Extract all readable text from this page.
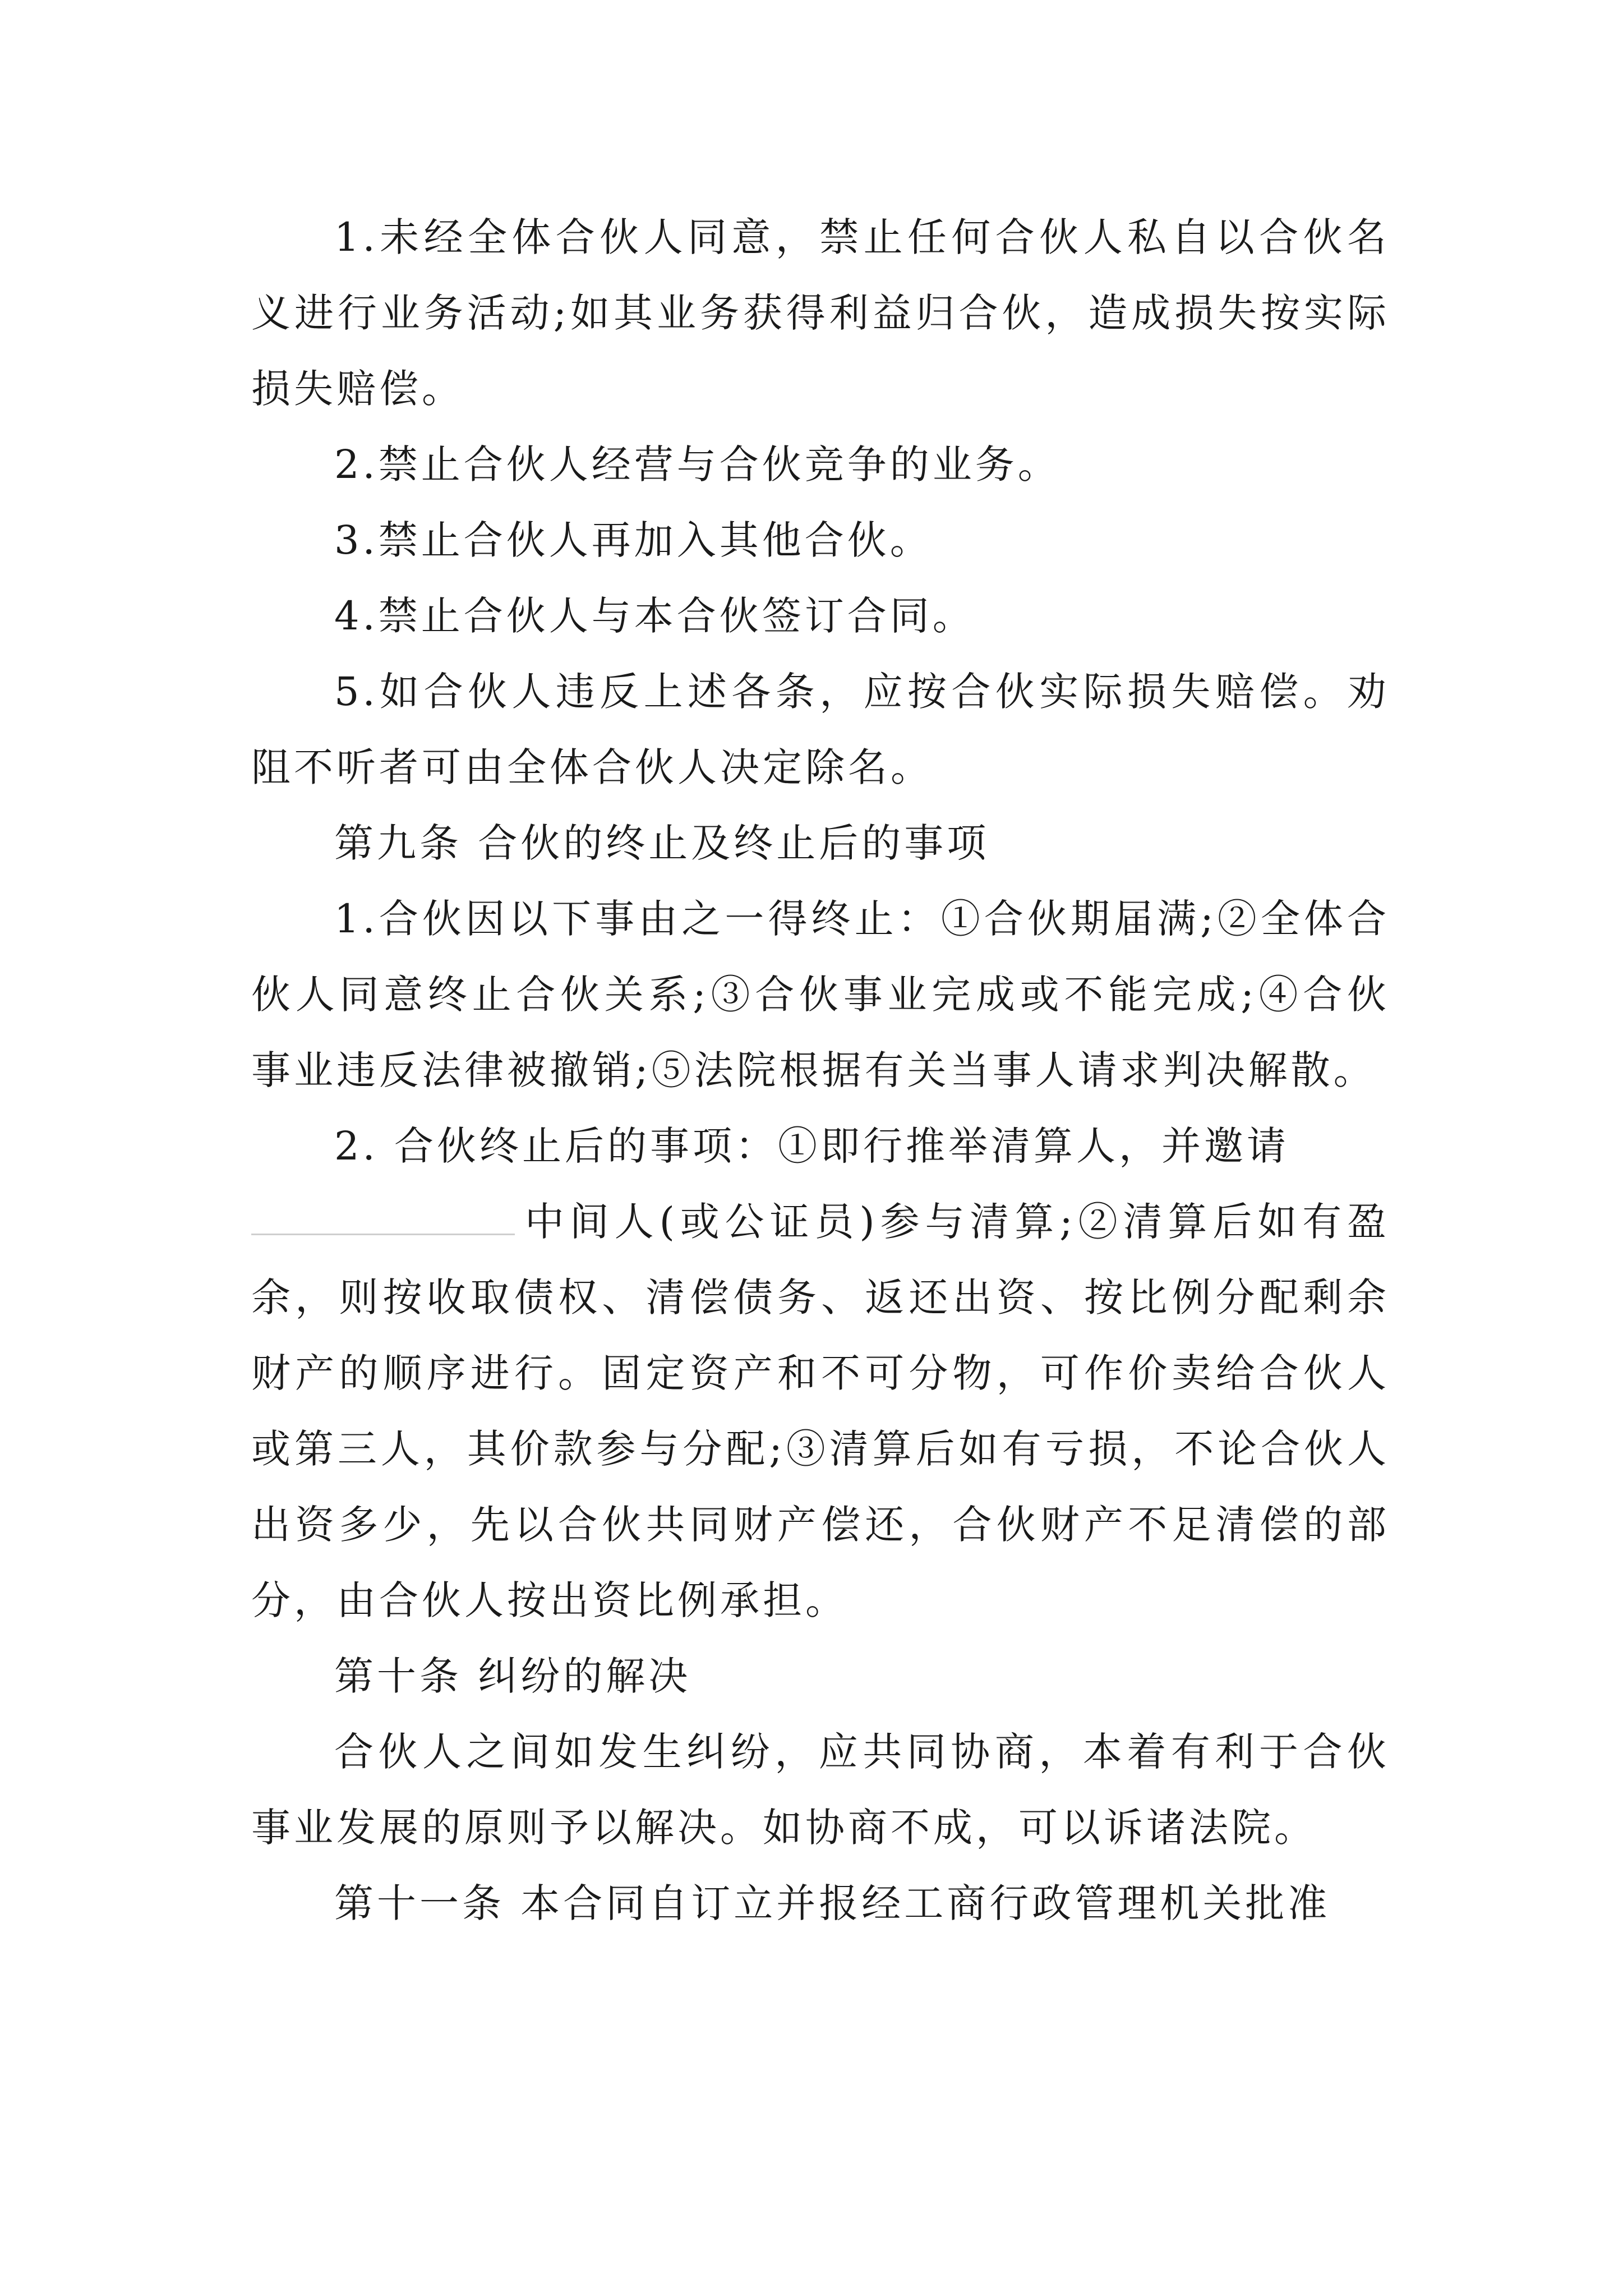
1.未经全体合伙人同意，禁止任何合伙人私自以合伙名义进行业务活动;如其业务获得利益归合伙，造成损失按实际损失赔偿。

2.禁止合伙人经营与合伙竞争的业务。

3.禁止合伙人再加入其他合伙。

4.禁止合伙人与本合伙签订合同。

5.如合伙人违反上述各条，应按合伙实际损失赔偿。劝阻不听者可由全体合伙人决定除名。

第九条 合伙的终止及终止后的事项

1.合伙因以下事由之一得终止：①合伙期届满;②全体合伙人同意终止合伙关系;③合伙事业完成或不能完成;④合伙事业违反法律被撤销;⑤法院根据有关当事人请求判决解散。

2. 合伙终止后的事项：①即行推举清算人，并邀请
中间人(或公证员)参与清算;②清算后如有盈余，则按收取债权、清偿债务、返还出资、按比例分配剩余财产的顺序进行。固定资产和不可分物，可作价卖给合伙人或第三人，其价款参与分配;③清算后如有亏损，不论合伙人出资多少，先以合伙共同财产偿还，合伙财产不足清偿的部分，由合伙人按出资比例承担。

第十条 纠纷的解决

合伙人之间如发生纠纷，应共同协商，本着有利于合伙事业发展的原则予以解决。如协商不成，可以诉诸法院。

第十一条 本合同自订立并报经工商行政管理机关批准
